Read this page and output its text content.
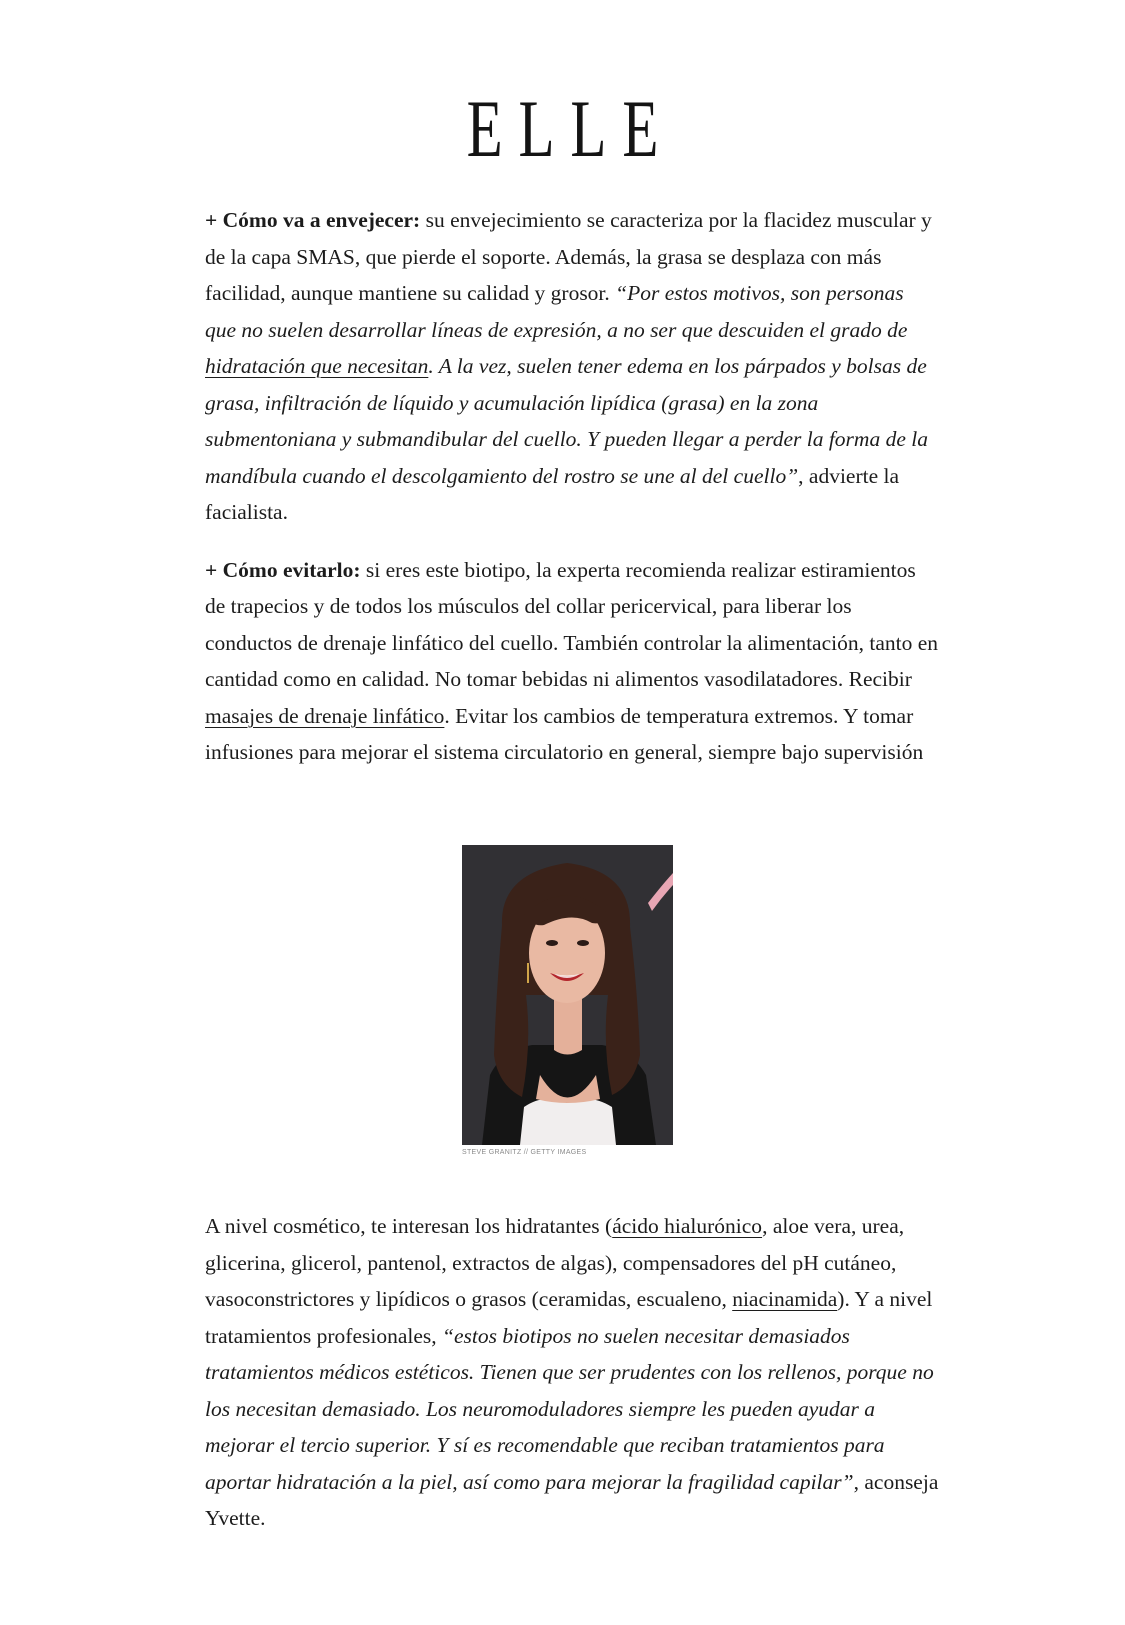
ELLE

+ Cómo va a envejecer: su envejecimiento se caracteriza por la flacidez muscular y de la capa SMAS, que pierde el soporte. Además, la grasa se desplaza con más facilidad, aunque mantiene su calidad y grosor. “Por estos motivos, son personas que no suelen desarrollar líneas de expresión, a no ser que descuiden el grado de hidratación que necesitan. A la vez, suelen tener edema en los párpados y bolsas de grasa, infiltración de líquido y acumulación lipídica (grasa) en la zona submentoniana y submandibular del cuello. Y pueden llegar a perder la forma de la mandíbula cuando el descolgamiento del rostro se une al del cuello”, advierte la facialista.

+ Cómo evitarlo: si eres este biotipo, la experta recomienda realizar estiramientos de trapecios y de todos los músculos del collar pericervical, para liberar los conductos de drenaje linfático del cuello. También controlar la alimentación, tanto en cantidad como en calidad. No tomar bebidas ni alimentos vasodilatadores. Recibir masajes de drenaje linfático. Evitar los cambios de temperatura extremos. Y tomar infusiones para mejorar el sistema circulatorio en general, siempre bajo supervisión

STEVE GRANITZ // GETTY IMAGES

A nivel cosmético, te interesan los hidratantes (ácido hialurónico, aloe vera, urea, glicerina, glicerol, pantenol, extractos de algas), compensadores del pH cutáneo, vasoconstrictores y lipídicos o grasos (ceramidas, escualeno, niacinamida). Y a nivel tratamientos profesionales, “estos biotipos no suelen necesitar demasiados tratamientos médicos estéticos. Tienen que ser prudentes con los rellenos, porque no los necesitan demasiado. Los neuromoduladores siempre les pueden ayudar a mejorar el tercio superior. Y sí es recomendable que reciban tratamientos para aportar hidratación a la piel, así como para mejorar la fragilidad capilar”, aconseja Yvette.
